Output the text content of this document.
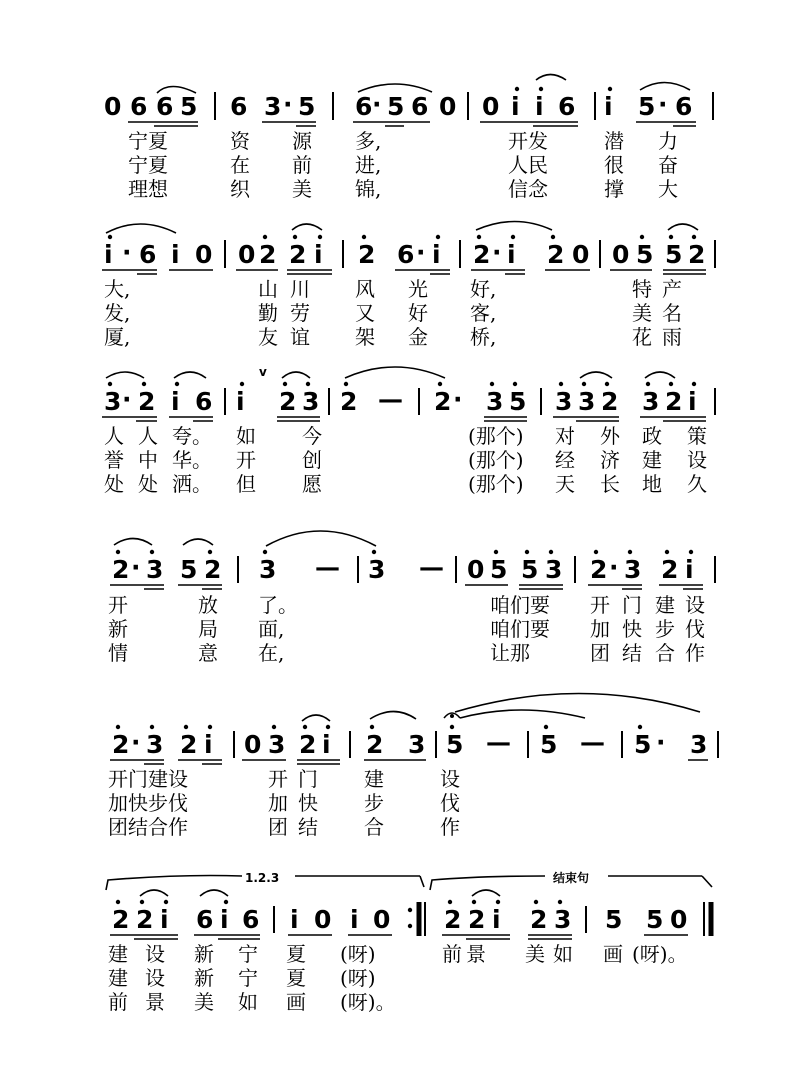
0 6 6 5 6 3 · 5 6 · 5 6 0 0 i i 6 i 5 · 6
宁夏	资 源 多,	开发	潜 力
宁夏	在 前 进,	人民	很 奋
理想	织 美 锦,	信念	撑 大
i · 6 i 0 0 2 2 i 2 6 · i 2 · i 2 0 0 5 5 2
大,	山 川 风 光 好,	特 产
发,	勤 劳 又 好 客,	美 名
厦,	友 谊 架 金 桥,	花 雨
v
3 · 2 i 6 i 2 3 2 — 2 · 3 5 3 3 2 3 2 i
人 人 夸。 如 今	(那个) 对 外 政 策
誉 中 华。 开 创	(那个) 经 济 建 设
处 处 洒。 但 愿	(那个) 天 长 地 久
2 · 3 5 2 3 — 3 — 0 5 5 3 2 · 3 2 i
开	放 了。	咱们要 开 门 建 设
新	局 面,	咱们要 加 快 步 伐
情	意 在,	让那	团 结 合 作
2 · 3 2 i 0 3 2 i 2 3 5 — 5 — 5 · 3
开门建设	开 门 建	设
加快步伐	加 快 步	伐
团结合作	团 结 合	作
1.2.3	结束句
2 2 i 6 i 6 i 0 i 0 2 2 i 2 3 5 5 0
建 设 新 宁 夏 (呀)	前 景 美 如 画 (呀)。
建 设 新 宁 夏 (呀)
前 景 美 如 画 (呀)。
